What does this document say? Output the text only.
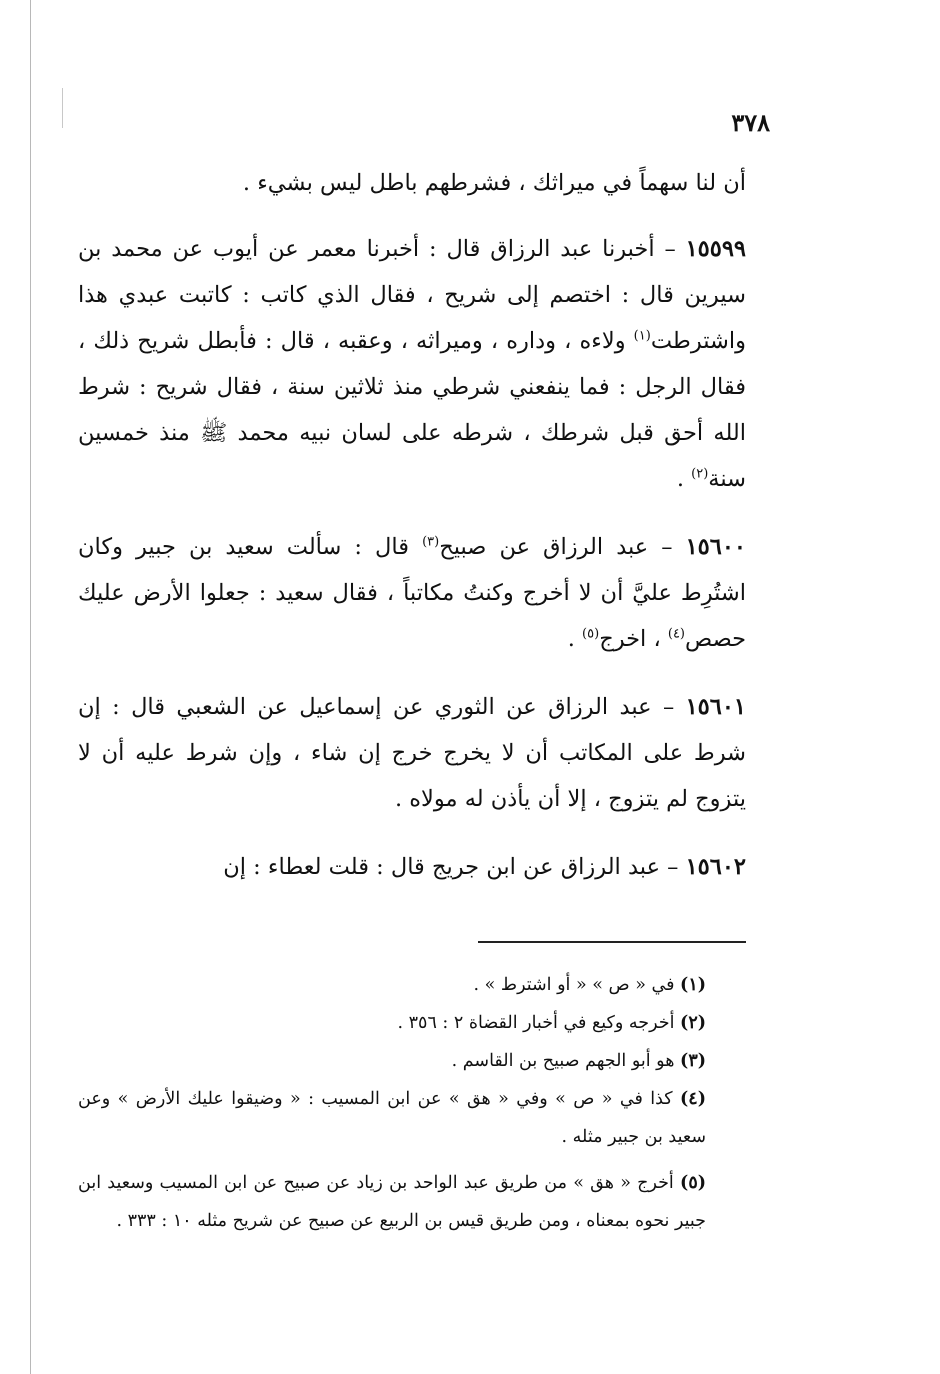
٣٧٨

أن لنا سهماً في ميراثك ، فشرطهم باطل ليس بشيء .

١٥٥٩٩ – أخبرنا عبد الرزاق قال : أخبرنا معمر عن أيوب عن محمد بن سيرين قال : اختصم إلى شريح ، فقال الذي كاتب : كاتبت عبدي هذا واشترطت$^{(١)}$ ولاءه ، وداره ، وميراثه ، وعقبه ، قال : فأبطل شريح ذلك ، فقال الرجل : فما ينفعني شرطي منذ ثلاثين سنة ، فقال شريح : شرط الله أحق قبل شرطك ، شرطه على لسان نبيه محمد ﷺ منذ خمسين سنة$^{(٢)}$ .

١٥٦٠٠ – عبد الرزاق عن صبيح$^{(٣)}$ قال : سألت سعيد بن جبير وكان اشتُرِط عليَّ أن لا أخرج وكنتُ مكاتباً ، فقال سعيد : جعلوا الأرض عليك حصص$^{(٤)}$ ، اخرج$^{(٥)}$ .

١٥٦٠١ – عبد الرزاق عن الثوري عن إسماعيل عن الشعبي قال : إن شرط على المكاتب أن لا يخرج خرج إن شاء ، وإن شرط عليه أن لا يتزوج لم يتزوج ، إلا أن يأذن له مولاه .

١٥٦٠٢ – عبد الرزاق عن ابن جريج قال : قلت لعطاء : إن

(١) في « ص » « أو اشترط » .

(٢) أخرجه وكيع في أخبار القضاة ٢ : ٣٥٦ .

(٣) هو أبو الجهم صبيح بن القاسم .

(٤) كذا في « ص » وفي « هق » عن ابن المسيب : « وضيقوا عليك الأرض » وعن سعيد بن جبير مثله .

(٥) أخرج « هق » من طريق عبد الواحد بن زياد عن صبيح عن ابن المسيب وسعيد ابن جبير نحوه بمعناه ، ومن طريق قيس بن الربيع عن صبيح عن شريح مثله ١٠ : ٣٣٣ .
